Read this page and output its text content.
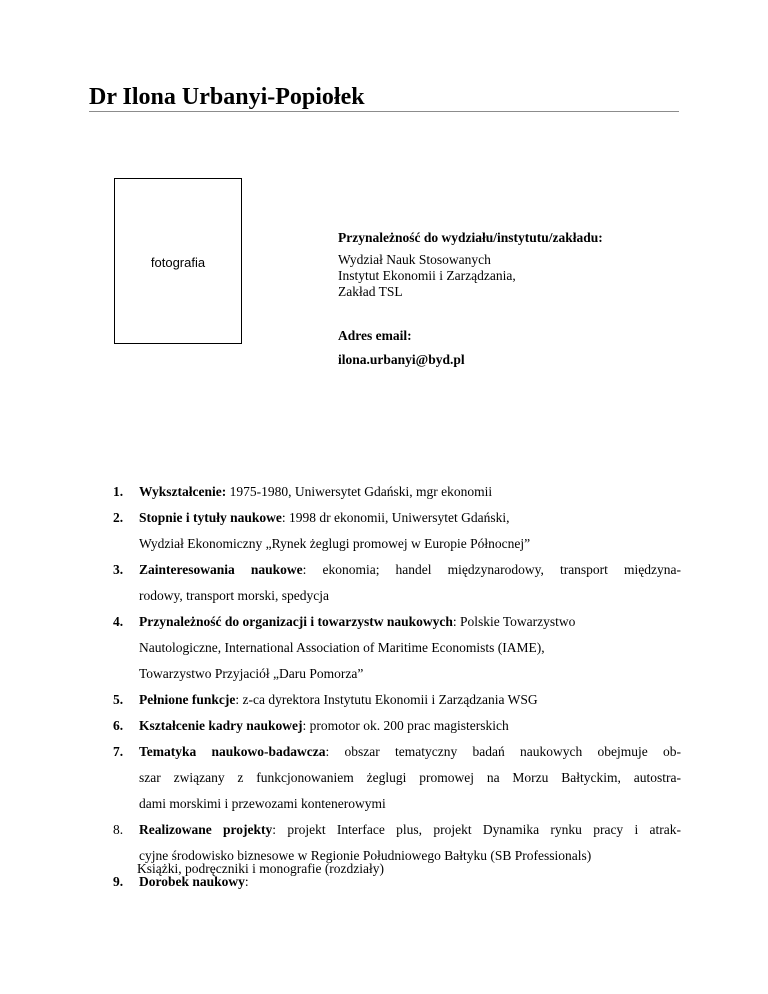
Dr Ilona Urbanyi-Popiołek
fotografia
Przynależność do wydziału/instytutu/zakładu:
Wydział Nauk Stosowanych
Instytut Ekonomii i Zarządzania,
Zakład TSL
Adres email:
ilona.urbanyi@byd.pl
1. Wykształcenie: 1975-1980, Uniwersytet Gdański, mgr ekonomii
2. Stopnie i tytuły naukowe: 1998 dr ekonomii, Uniwersytet Gdański,
Wydział Ekonomiczny „Rynek żeglugi promowej w Europie Północnej”
3. Zainteresowania naukowe: ekonomia; handel międzynarodowy, transport międzyna-
rodowy, transport morski, spedycja
4. Przynależność do organizacji i towarzystw naukowych: Polskie Towarzystwo
Nautologiczne, International Association of Maritime Economists (IAME),
Towarzystwo Przyjaciół „Daru Pomorza”
5. Pełnione funkcje: z-ca dyrektora Instytutu Ekonomii i Zarządzania WSG
6. Kształcenie kadry naukowej: promotor ok. 200 prac magisterskich
7. Tematyka naukowo-badawcza: obszar tematyczny badań naukowych obejmuje ob-
szar związany z funkcjonowaniem żeglugi promowej na Morzu Bałtyckim, autostra-
dami morskimi i przewozami kontenerowymi
8. Realizowane projekty: projekt Interface plus, projekt Dynamika rynku pracy i atrak-
cyjne środowisko biznesowe w Regionie Południowego Bałtyku (SB Professionals)
9. Dorobek naukowy:
Książki, podręczniki i monografie (rozdziały)
